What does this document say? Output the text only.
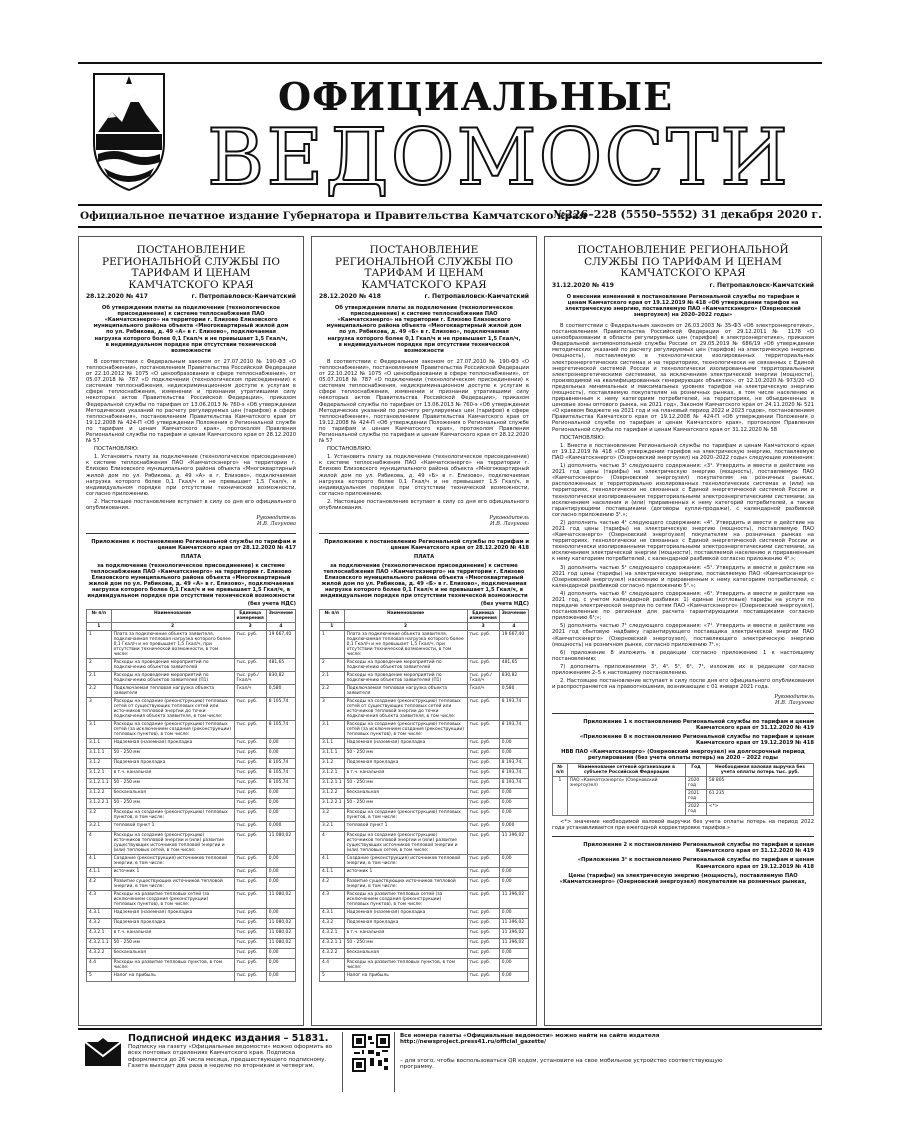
ОФИЦИАЛЬНЫЕ
ВЕДОМОСТИ
Официальное печатное издание Губернатора и Правительства Камчатского края
№226–228 (5550–5552) 31 декабря 2020 г.
ПОСТАНОВЛЕНИЕ РЕГИОНАЛЬНОЙ СЛУЖБЫ ПО ТАРИФАМ И ЦЕНАМ КАМЧАТСКОГО КРАЯ
28.12.2020 № 417	г. Петропавловск-Камчатский
Об утверждении платы за подключение (технологическое присоединение) к системе теплоснабжения ПАО «Камчатскэнерго» на территории г. Елизово Елизовского муниципального района объекта «Многоквартирный жилой дом по ул. Рябикова, д. 49 «А» в г. Елизово», подключаемая нагрузка которого более 0,1 Гкал/ч и не превышает 1,5 Гкал/ч, в индивидуальном порядке при отсутствии технической возможности
В соответствии с Федеральным законом от 27.07.2010 № 190-ФЗ «О теплоснабжении», постановлением Правительства Российской Федерации от 22.10.2012 № 1075 «О ценообразовании в сфере теплоснабжения», от 05.07.2018 № 787 «О подключении (технологическом присоединении) к системам теплоснабжения, недискриминационном доступе к услугам в сфере теплоснабжения, изменении и признании утратившими силу некоторых актов Правительства Российской Федерации», приказом Федеральной службы по тарифам от 13.06.2013 № 760-э «Об утверждении Методических указаний по расчету регулируемых цен (тарифов) в сфере теплоснабжения», постановлением Правительства Камчатского края от 19.12.2008 № 424-П «Об утверждении Положения о Региональной службе по тарифам и ценам Камчатского края», протоколом Правления Региональной службы по тарифам и ценам Камчатского края от 28.12.2020 № 57
ПОСТАНОВЛЯЮ:
1. Установить плату за подключение (технологическое присоединение) к системе теплоснабжения ПАО «Камчатскэнерго» на территории г. Елизово Елизовского муниципального района объекта «Многоквартирный жилой дом по ул. Рябикова, д. 49 «А» в г. Елизово», подключаемая нагрузка которого более 0,1 Гкал/ч и не превышает 1,5 Гкал/ч, в индивидуальном порядке при отсутствии технической возможности, согласно приложению.
2. Настоящее постановление вступает в силу со дня его официального опубликования.
Руководитель
И.В. Лагунова
Приложение к постановлению Региональной службы по тарифам и ценам Камчатского края от 28.12.2020 № 417
ПЛАТА
за подключение (технологическое присоединение) к системе теплоснабжения ПАО «Камчатскэнерго» на территории г. Елизово Елизовского муниципального района объекта «Многоквартирный жилой дом по ул. Рябикова, д. 49 «А» в г. Елизово», подключаемая нагрузка которого более 0,1 Гкал/ч и не превышает 1,5 Гкал/ч, в индивидуальном порядке при отсутствии технической возможности
(без учета НДС)
№ п/п	Наименование	Единица измерения	Значение
1	2	3	4
1	Плата за подключение объекта заявителя, подключаемая тепловая нагрузка которого более 0,1 Гкал/ч и не превышает 1,5 Гкал/ч, при отсутствии технической возможности, в том числе:	тыс. руб.	19 667,40
2	Расходы на проведение мероприятий по подключению объектов заявителей	тыс. руб.	481,65
2.1	Расходы на проведение мероприятий по подключению объектов заявителей (П1)	тыс. руб./ Гкал/ч	830,82
2.2	Подключаемая тепловая нагрузка объекта заявителя	Гкал/ч	0,580
3	Расходы на создание (реконструкцию) тепловых сетей от существующих тепловых сетей или источников тепловой энергии до точки подключения объекта заявителя, в том числе:	тыс. руб.	8 105,74
3.1	Расходы на создание (реконструкцию) тепловых сетей (за исключением создания (реконструкции) тепловых пунктов), в том числе:	тыс. руб.	8 105,74
3.1.1	Надземная (наземная) прокладка	тыс. руб.	0,00
3.1.1.1	50 - 250 мм	тыс. руб.	0,00
3.1.2	Подземная прокладка	тыс. руб.	8 105,74
3.1.2.1	в т.ч. канальная	тыс. руб.	8 105,74
3.1.2.1.1	50 - 250 мм	тыс. руб.	8 105,74
3.1.2.2	бесканальная	тыс. руб.	0,00
3.1.2.2.1	50 - 250 мм	тыс. руб.	0,00
3.2	Расходы на создание (реконструкцию) тепловых пунктов, в том числе:	тыс. руб.	0,00
3.2.1	тепловой пункт 1	тыс. руб.	0,000
4	Расходы на создание (реконструкцию) источников тепловой энергии и (или) развитие существующих источников тепловой энергии и (или) тепловых сетей, в том числе:	тыс. руб.	11 080,02
4.1	Создание (реконструкция) источников тепловой энергии, в том числе:	тыс. руб.	0,00
4.1.1	источник 1	тыс. руб.	0,00
4.2	Развитие существующих источников тепловой энергии, в том числе:	тыс. руб.	0,00
4.3	Расходы на развитие тепловых сетей (за исключением создания (реконструкции) тепловых пунктов), в том числе:	тыс. руб.	11 080,02
4.3.1	Надземная (наземная) прокладка	тыс. руб.	0,00
4.3.2	Подземная прокладка	тыс. руб.	11 080,02
4.3.2.1	в т.ч. канальная	тыс. руб.	11 080,02
4.3.2.1.1	50 - 250 мм	тыс. руб.	11 080,02
4.3.2.2	бесканальная	тыс. руб.	0,00
4.4	Расходы на развитие тепловых пунктов, в том числе:	тыс. руб.	0,00
5	Налог на прибыль	тыс. руб.	0,00
ПОСТАНОВЛЕНИЕ РЕГИОНАЛЬНОЙ СЛУЖБЫ ПО ТАРИФАМ И ЦЕНАМ КАМЧАТСКОГО КРАЯ
28.12.2020 № 418	г. Петропавловск-Камчатский
Об утверждении платы за подключение (технологическое присоединение) к системе теплоснабжения ПАО «Камчатскэнерго» на территории г. Елизово Елизовского муниципального района объекта «Многоквартирный жилой дом по ул. Рябикова, д. 49 «Б» в г. Елизово», подключаемая нагрузка которого более 0,1 Гкал/ч и не превышает 1,5 Гкал/ч, в индивидуальном порядке при отсутствии технической возможности
В соответствии с Федеральным законом от 27.07.2010 № 190-ФЗ «О теплоснабжении», постановлением Правительства Российской Федерации от 22.10.2012 № 1075 «О ценообразовании в сфере теплоснабжения», от 05.07.2018 № 787 «О подключении (технологическом присоединении) к системам теплоснабжения, недискриминационном доступе к услугам в сфере теплоснабжения, изменении и признании утратившими силу некоторых актов Правительства Российской Федерации», приказом Федеральной службы по тарифам от 13.06.2013 № 760-э «Об утверждении Методических указаний по расчету регулируемых цен (тарифов) в сфере теплоснабжения», постановлением Правительства Камчатского края от 19.12.2008 № 424-П «Об утверждении Положения о Региональной службе по тарифам и ценам Камчатского края», протоколом Правления Региональной службы по тарифам и ценам Камчатского края от 28.12.2020 № 57
ПОСТАНОВЛЯЮ:
1. Установить плату за подключение (технологическое присоединение) к системе теплоснабжения ПАО «Камчатскэнерго» на территории г. Елизово Елизовского муниципального района объекта «Многоквартирный жилой дом по ул. Рябикова, д. 49 «Б» в г. Елизово», подключаемая нагрузка которого более 0,1 Гкал/ч и не превышает 1,5 Гкал/ч, в индивидуальном порядке при отсутствии технической возможности, согласно приложению.
2. Настоящее постановление вступает в силу со дня его официального опубликования.
Руководитель
И.В. Лагунова
Приложение к постановлению Региональной службы по тарифам и ценам Камчатского края от 28.12.2020 № 418
ПЛАТА
за подключение (технологическое присоединение) к системе теплоснабжения ПАО «Камчатскэнерго» на территории г. Елизово Елизовского муниципального района объекта «Многоквартирный жилой дом по ул. Рябикова, д. 49 «Б» в г. Елизово», подключаемая нагрузка которого более 0,1 Гкал/ч и не превышает 1,5 Гкал/ч, в индивидуальном порядке при отсутствии технической возможности
(без учета НДС)
№ п/п	Наименование	Единица измерения	Значение
1	2	3	4
1	Плата за подключение объекта заявителя, подключаемая тепловая нагрузка которого более 0,1 Гкал/ч и не превышает 1,5 Гкал/ч, при отсутствии технической возможности, в том числе:	тыс. руб.	19 667,40
2	Расходы на проведение мероприятий по подключению объектов заявителей	тыс. руб.	481,65
2.1	Расходы на проведение мероприятий по подключению объектов заявителей (П1)	тыс. руб./ Гкал/ч	830,82
2.2	Подключаемая тепловая нагрузка объекта заявителя	Гкал/ч	0,580
3	Расходы на создание (реконструкцию) тепловых сетей от существующих тепловых сетей или источников тепловой энергии до точки подключения объекта заявителя, в том числе:	тыс. руб.	8 193,74
3.1	Расходы на создание (реконструкцию) тепловых сетей (за исключением создания (реконструкции) тепловых пунктов), в том числе:	тыс. руб.	8 193,74
3.1.1	Надземная (наземная) прокладка	тыс. руб.	0,00
3.1.1.1	50 - 250 мм	тыс. руб.	0,00
3.1.2	Подземная прокладка	тыс. руб.	8 193,74
3.1.2.1	в т.ч. канальная	тыс. руб.	8 193,74
3.1.2.1.1	50 - 250 мм	тыс. руб.	8 193,74
3.1.2.2	бесканальная	тыс. руб.	0,00
3.1.2.2.1	50 - 250 мм	тыс. руб.	0,00
3.2	Расходы на создание (реконструкцию) тепловых пунктов, в том числе:	тыс. руб.	0,00
3.2.1	тепловой пункт 1	тыс. руб.	0,000
4	Расходы на создание (реконструкцию) источников тепловой энергии и (или) развитие существующих источников тепловой энергии и (или) тепловых сетей, в том числе:	тыс. руб.	11 396,02
4.1	Создание (реконструкция) источников тепловой энергии, в том числе:	тыс. руб.	0,00
4.1.1	источник 1	тыс. руб.	0,00
4.2	Развитие существующих источников тепловой энергии, в том числе:	тыс. руб.	0,00
4.3	Расходы на развитие тепловых сетей (за исключением создания (реконструкции) тепловых пунктов), в том числе:	тыс. руб.	11 396,02
4.3.1	Надземная (наземная) прокладка	тыс. руб.	0,00
4.3.2	Подземная прокладка	тыс. руб.	11 396,02
4.3.2.1	в т.ч. канальная	тыс. руб.	11 396,02
4.3.2.1.1	50 - 250 мм	тыс. руб.	11 396,02
4.3.2.2	бесканальная	тыс. руб.	0,00
4.4	Расходы на развитие тепловых пунктов, в том числе:	тыс. руб.	0,00
5	Налог на прибыль	тыс. руб.	0,00
ПОСТАНОВЛЕНИЕ РЕГИОНАЛЬНОЙ СЛУЖБЫ ПО ТАРИФАМ И ЦЕНАМ КАМЧАТСКОГО КРАЯ
31.12.2020 № 419	г. Петропавловск-Камчатский
О внесении изменений в постановление Региональной службы по тарифам и ценам Камчатского края от 19.12.2019 № 418 «Об утверждении тарифов на электрическую энергию, поставляемую ПАО «Камчатскэнерго» (Озерновский энергоузел) на 2020–2022 годы»
В соответствии с Федеральным законом от 26.03.2003 № 35-ФЗ «Об электроэнергетике», постановлением Правительства Российской Федерации от 29.12.2011 № 1178 «О ценообразовании в области регулируемых цен (тарифов) в электроэнергетике», приказом Федеральной антимонопольной службы России от 29.05.2019 № 686/19 «Об утверждении методических указаний по расчету регулируемых цен (тарифов) на электрическую энергию (мощность), поставляемую в технологически изолированных территориальных электроэнергетических системах и на территориях, технологически не связанных с Единой энергетической системой России и технологически изолированными территориальными электроэнергетическими системами, за исключением электрической энергии (мощности), производимой на квалифицированных генерирующих объектах», от 12.10.2020 № 973/20 «О предельных минимальных и максимальных уровнях тарифов на электрическую энергию (мощность), поставляемую покупателям на розничных рынках, в том числе населению и приравненным к нему категориям потребителей, на территориях, не объединенных в ценовые зоны оптового рынка, на 2021 год», Законом Камчатского края от 24.11.2020 № 521 «О краевом бюджете на 2021 год и на плановый период 2022 и 2023 годов», постановлением Правительства Камчатского края от 19.12.2008 № 424-П «Об утверждении Положения о Региональной службе по тарифам и ценам Камчатского края», протоколом Правления Региональной службы по тарифам и ценам Камчатского края от 31.12.2020 № 58
ПОСТАНОВЛЯЮ:
1. Внести в постановление Региональной службы по тарифам и ценам Камчатского края от 19.12.2019 № 418 «Об утверждении тарифов на электрическую энергию, поставляемую ПАО «Камчатскэнерго» (Озерновский энергоузел) на 2020–2022 годы» следующие изменения:
1) дополнить частью 3¹ следующего содержания: «3¹. Утвердить и ввести в действие на 2021 год цены (тарифы) на электрическую энергию (мощность), поставляемую ПАО «Камчатскэнерго» (Озерновский энергоузел) покупателям на розничных рынках, расположенных в территориально изолированных технологических системах и (или) на территориях, технологически не связанных с Единой энергетической системой России и технологически изолированными территориальными электроэнергетическими системами, за исключением населения и (или) приравненных к нему категорий потребителей, а также гарантирующими поставщиками (договоры купли-продажи), с календарной разбивкой согласно приложению 3¹.»;
2) дополнить частью 4¹ следующего содержания: «4¹. Утвердить и ввести в действие на 2021 год цены (тарифы) на электрическую энергию (мощность), поставляемую ПАО «Камчатскэнерго» (Озерновский энергоузел) покупателям на розничных рынках на территориях, технологически не связанных с Единой энергетической системой России и технологически изолированными территориальными электроэнергетическими системами, за исключением электрической энергии (мощности), поставляемой населению и приравненным к нему категориям потребителей, с календарной разбивкой согласно приложению 4¹.»;
3) дополнить частью 5¹ следующего содержания: «5¹. Утвердить и ввести в действие на 2021 год цены (тарифы) на электрическую энергию, поставляемую ПАО «Камчатскэнерго» (Озерновский энергоузел) населению и приравненным к нему категориям потребителей, с календарной разбивкой согласно приложению 5¹.»;
4) дополнить частью 6¹ следующего содержания: «6¹. Утвердить и ввести в действие на 2021 год, с учетом календарной разбивки: 1) единые (котловые) тарифы на услуги по передаче электрической энергии по сетям ПАО «Камчатскэнерго» (Озерновский энергоузел), постановленные по регионам для расчета гарантирующими поставщиками согласно приложению 6¹;»;
5) дополнить частью 7¹ следующего содержания: «7¹. Утвердить и ввести в действие на 2021 год сбытовую надбавку гарантирующего поставщика электрической энергии ПАО «Камчатскэнерго» (Озерновский энергоузел), поставляющего электрическую энергию (мощность) на розничном рынке, согласно приложению 7¹.»;
6) приложение 8 изложить в редакции согласно приложению 1 к настоящему постановлению;
7) дополнить приложениями 3¹, 4¹, 5¹, 6¹, 7¹, изложив их в редакции согласно приложениям 2–5 к настоящему постановлению.
2. Настоящее постановление вступает в силу после дня его официального опубликования и распространяется на правоотношения, возникающие с 01 января 2021 года.
Руководитель
И.В. Лагунова
Приложение 1 к постановлению Региональной службы по тарифам и ценам Камчатского края от 31.12.2020 № 419
«Приложение 8 к постановлению Региональной службы по тарифам и ценам Камчатского края от 19.12.2019 № 418
НВВ ПАО «Камчатскэнерго» (Озерновский энергоузел) на долгосрочный период регулирования (без учета оплаты потерь) на 2020 – 2022 годы
№ п/п	Наименование сетевой организации в субъекте Российской Федерации	Год	Необходимая валовая выручка без учета оплаты потерь тыс. руб.
1	ПАО «Камчатскэнерго» (Озерновский энергоузел)	2020 год	58 805
		2021 год	61 235
		2022 год	<*>
<*> значение необходимой валовой выручки без учета оплаты потерь на период 2022 года устанавливается при ежегодной корректировке тарифов.»
Приложение 2 к постановлению Региональной службы по тарифам и ценам Камчатского края от 31.12.2020 № 419
«Приложение 3¹ к постановлению Региональной службы по тарифам и ценам Камчатского края от 19.12.2019 № 418
Цены (тарифы) на электрическую энергию (мощность), поставляемую ПАО «Камчатскэнерго» (Озерновский энергоузел) покупателям на розничных рынках,
Подписной индекс издания – 51831.
Подписку на газету «Официальные ведомости» можно оформить во всех почтовых отделениях Камчатского края. Подписка оформляется до 26 числа месяца, предшествующего подписному. Газета выходит два раза в неделю по вторникам и четвергам.
Все номера газеты «Официальные ведомости» можно найти на сайте издателя http://newsproject.press41.ru/official_gazette/
– для этого, чтобы воспользоваться QR кодом, установите на свое мобильное устройство соответствующую программу.
